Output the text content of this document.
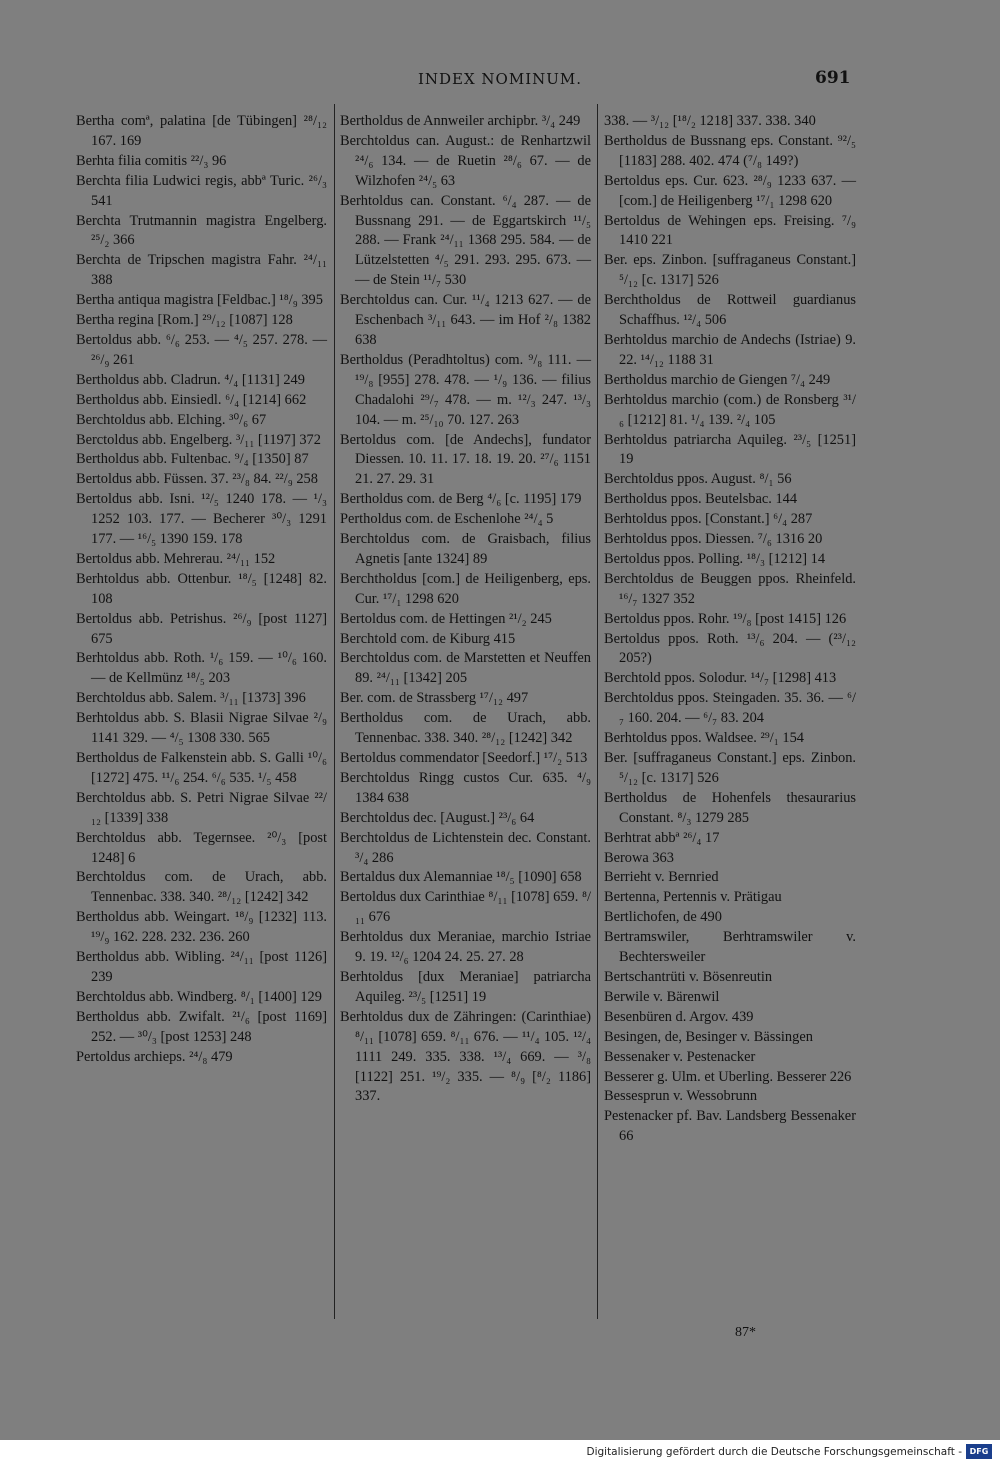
INDEX NOMINUM.	691

Bertha comª, palatina [de Tübingen] ²⁸/₁₂ 167. 169

Berhta filia comitis ²²/₃ 96

Berchta filia Ludwici regis, abbª Turic. ²⁶/₃ 541

Berchta Trutmannin magistra Engelberg. ²⁵/₂ 366

Berchta de Tripschen magistra Fahr. ²⁴/₁₁ 388

Bertha antiqua magistra [Feldbac.] ¹⁸/₉ 395

Bertha regina [Rom.] ²⁹/₁₂ [1087] 128

Bertoldus abb. ⁶/₆ 253. — ⁴/₅ 257. 278. — ²⁶/₉ 261

Bertholdus abb. Cladrun. ⁴/₄ [1131] 249

Bertholdus abb. Einsiedl. ⁶/₄ [1214] 662

Berchtoldus abb. Elching. ³⁰/₆ 67

Berctoldus abb. Engelberg. ³/₁₁ [1197] 372

Bertholdus abb. Fultenbac. ⁹/₄ [1350] 87

Bertoldus abb. Füssen. 37. ²³/₈ 84. ²²/₉ 258

Bertoldus abb. Isni. ¹²/₅ 1240 178. — ¹/₃ 1252 103. 177. — Becherer ³⁰/₃ 1291 177. — ¹⁶/₅ 1390 159. 178

Bertoldus abb. Mehrerau. ²⁴/₁₁ 152

Berhtoldus abb. Ottenbur. ¹⁸/₅ [1248] 82. 108

Bertoldus abb. Petrishus. ²⁶/₉ [post 1127] 675

Berhtoldus abb. Roth. ¹/₆ 159. — ¹⁰/₆ 160. — de Kellmünz ¹⁸/₅ 203

Berchtoldus abb. Salem. ³/₁₁ [1373] 396

Berhtoldus abb. S. Blasii Nigrae Silvae ²/₉ 1141 329. — ⁴/₅ 1308 330. 565

Bertholdus de Falkenstein abb. S. Galli ¹⁰/₆ [1272] 475. ¹¹/₆ 254. ⁶/₆ 535. ¹/₅ 458

Berchtoldus abb. S. Petri Nigrae Silvae ²²/₁₂ [1339] 338

Berchtoldus abb. Tegernsee. ²⁰/₃ [post 1248] 6

Berchtoldus com. de Urach, abb. Tennenbac. 338. 340. ²⁸/₁₂ [1242] 342

Bertholdus abb. Weingart. ¹⁸/₉ [1232] 113. ¹⁹/₉ 162. 228. 232. 236. 260

Bertholdus abb. Wibling. ²⁴/₁₁ [post 1126] 239

Berchtoldus abb. Windberg. ⁸/₁ [1400] 129

Bertholdus abb. Zwifalt. ²¹/₆ [post 1169] 252. — ³⁰/₃ [post 1253] 248

Pertoldus archieps. ²⁴/₈ 479

Bertholdus de Annweiler archipbr. ³/₄ 249

Berchtoldus can. August.: de Renhartzwil ²⁴/₆ 134. — de Ruetin ²⁸/₆ 67. — de Wilzhofen ²⁴/₅ 63

Berhtoldus can. Constant. ⁶/₄ 287. — de Bussnang 291. — de Eggartskirch ¹¹/₅ 288. — Frank ²⁴/₁₁ 1368 295. 584. — de Lützelstetten ⁴/₅ 291. 293. 295. 673. — — de Stein ¹¹/₇ 530

Berchtoldus can. Cur. ¹¹/₄ 1213 627. — de Eschenbach ³/₁₁ 643. — im Hof ²/₈ 1382 638

Bertholdus (Peradhtoltus) com. ⁹/₈ 111. — ¹⁹/₈ [955] 278. 478. — ¹/₉ 136. — filius Chadalohi ²⁹/₇ 478. — m. ¹²/₃ 247. ¹³/₃ 104. — m. ²⁵/₁₀ 70. 127. 263

Bertoldus com. [de Andechs], fundator Diessen. 10. 11. 17. 18. 19. 20. ²⁷/₆ 1151 21. 27. 29. 31

Bertholdus com. de Berg ⁴/₆ [c. 1195] 179

Pertholdus com. de Eschenlohe ²⁴/₄ 5

Berchtoldus com. de Graisbach, filius Agnetis [ante 1324] 89

Berchtholdus [com.] de Heiligenberg, eps. Cur. ¹⁷/₁ 1298 620

Bertoldus com. de Hettingen ²¹/₂ 245

Berchtold com. de Kiburg 415

Berchtoldus com. de Marstetten et Neuffen 89. ²⁴/₁₁ [1342] 205

Ber. com. de Strassberg ¹⁷/₁₂ 497

Bertholdus com. de Urach, abb. Tennenbac. 338. 340. ²⁸/₁₂ [1242] 342

Bertoldus commendator [Seedorf.] ¹⁷/₂ 513

Berchtoldus Ringg custos Cur. 635. ⁴/₉ 1384 638

Berchtoldus dec. [August.] ²³/₆ 64

Berchtoldus de Lichtenstein dec. Constant. ³/₄ 286

Bertaldus dux Alemanniae ¹⁸/₅ [1090] 658

Bertoldus dux Carinthiae ⁸/₁₁ [1078] 659. ⁸/₁₁ 676

Berhtoldus dux Meraniae, marchio Istriae 9. 19. ¹²/₆ 1204 24. 25. 27. 28

Berhtoldus [dux Meraniae] patriarcha Aquileg. ²³/₅ [1251] 19

Berhtoldus dux de Zähringen: (Carinthiae) ⁸/₁₁ [1078] 659. ⁸/₁₁ 676. — ¹¹/₄ 105. ¹²/₄ 1111 249. 335. 338. ¹³/₄ 669. — ³/₈ [1122] 251. ¹⁹/₂ 335. — ⁸/₉ [⁸/₂ 1186] 337.

338. — ³/₁₂ [¹⁸/₂ 1218] 337. 338. 340

Bertholdus de Bussnang eps. Constant. ⁹²/₅ [1183] 288. 402. 474 (⁷/₈ 149?)

Bertoldus eps. Cur. 623. ²⁸/₉ 1233 637. — [com.] de Heiligenberg ¹⁷/₁ 1298 620

Bertoldus de Wehingen eps. Freising. ⁷/₉ 1410 221

Ber. eps. Zinbon. [suffraganeus Constant.] ⁵/₁₂ [c. 1317] 526

Berchtholdus de Rottweil guardianus Schaffhus. ¹²/₄ 506

Berhtoldus marchio de Andechs (Istriae) 9. 22. ¹⁴/₁₂ 1188 31

Bertholdus marchio de Giengen ⁷/₄ 249

Berhtoldus marchio (com.) de Ronsberg ³¹/₆ [1212] 81. ¹/₄ 139. ²/₄ 105

Berhtoldus patriarcha Aquileg. ²³/₅ [1251] 19

Berchtoldus ppos. August. ⁸/₁ 56

Bertholdus ppos. Beutelsbac. 144

Berhtoldus ppos. [Constant.] ⁶/₄ 287

Berhtoldus ppos. Diessen. ⁷/₆ 1316 20

Bertoldus ppos. Polling. ¹⁸/₃ [1212] 14

Berchtoldus de Beuggen ppos. Rheinfeld. ¹⁶/₇ 1327 352

Bertoldus ppos. Rohr. ¹⁹/₈ [post 1415] 126

Bertoldus ppos. Roth. ¹³/₆ 204. — (²³/₁₂ 205?)

Berchtold ppos. Solodur. ¹⁴/₇ [1298] 413

Berchtoldus ppos. Steingaden. 35. 36. — ⁶/₇ 160. 204. — ⁶/₇ 83. 204

Berhtoldus ppos. Waldsee. ²⁹/₁ 154

Ber. [suffraganeus Constant.] eps. Zinbon. ⁵/₁₂ [c. 1317] 526

Bertholdus de Hohenfels thesaurarius Constant. ⁸/₃ 1279 285

Berhtrat abbª ²⁶/₄ 17

Berowa 363

Berrieht v. Bernried

Bertenna, Pertennis v. Prätigau

Bertlichofen, de 490

Bertramswiler, Berhtramswiler v. Bechtersweiler

Bertschantrüti v. Bösenreutin

Berwile v. Bärenwil

Besenbüren d. Argov. 439

Besingen, de, Besinger v. Bässingen

Bessenaker v. Pestenacker

Besserer g. Ulm. et Uberling. Besserer 226

Bessesprun v. Wessobrunn

Pestenacker pf. Bav. Landsberg Bessenaker 66

87*
Digitalisierung gefördert durch die Deutsche Forschungsgemeinschaft - DFG
